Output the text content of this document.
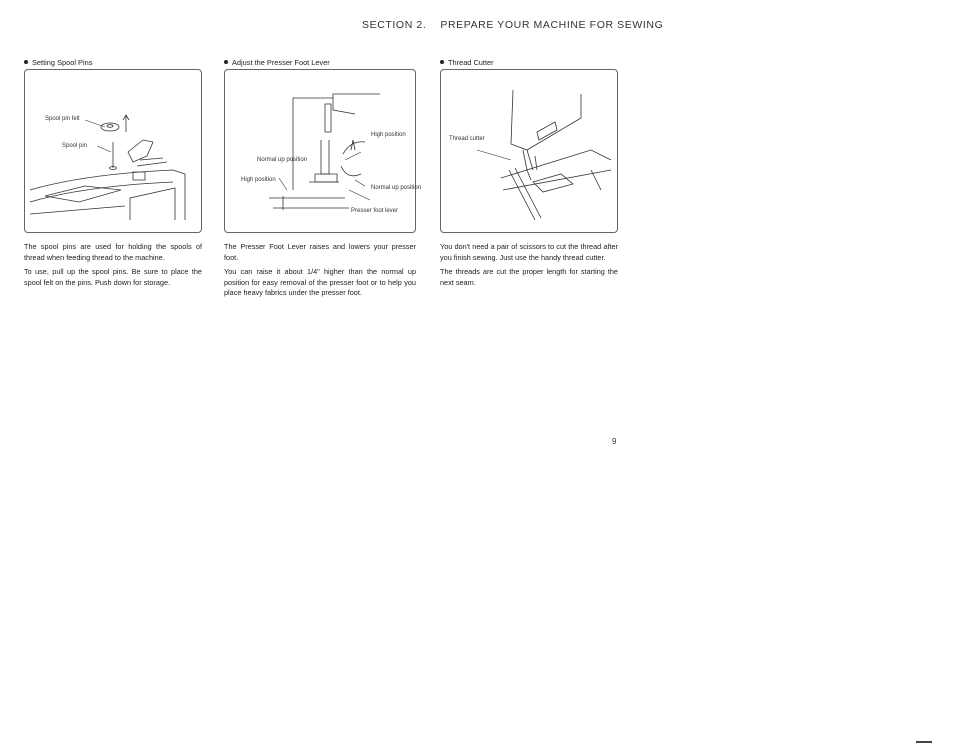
SECTION 2. PREPARE YOUR MACHINE FOR SEWING
Setting Spool Pins
Spool pin felt
Spool pin

The spool pins are used for holding the spools of thread when feeding thread to the machine.

To use, pull up the spool pins. Be sure to place the spool felt on the pins. Push down for storage.

Adjust the Presser Foot Lever
High position
Normal up position
High position
Normal up position
Presser foot lever

The Presser Foot Lever raises and lowers your presser foot.

You can raise it about 1/4" higher than the normal up position for easy removal of the presser foot or to help you place heavy fabrics under the presser foot.

Thread Cutter
Thread cutter

You don't need a pair of scissors to cut the thread after you finish sewing. Just use the handy thread cutter.

The threads are cut the proper length for starting the next seam.

9
